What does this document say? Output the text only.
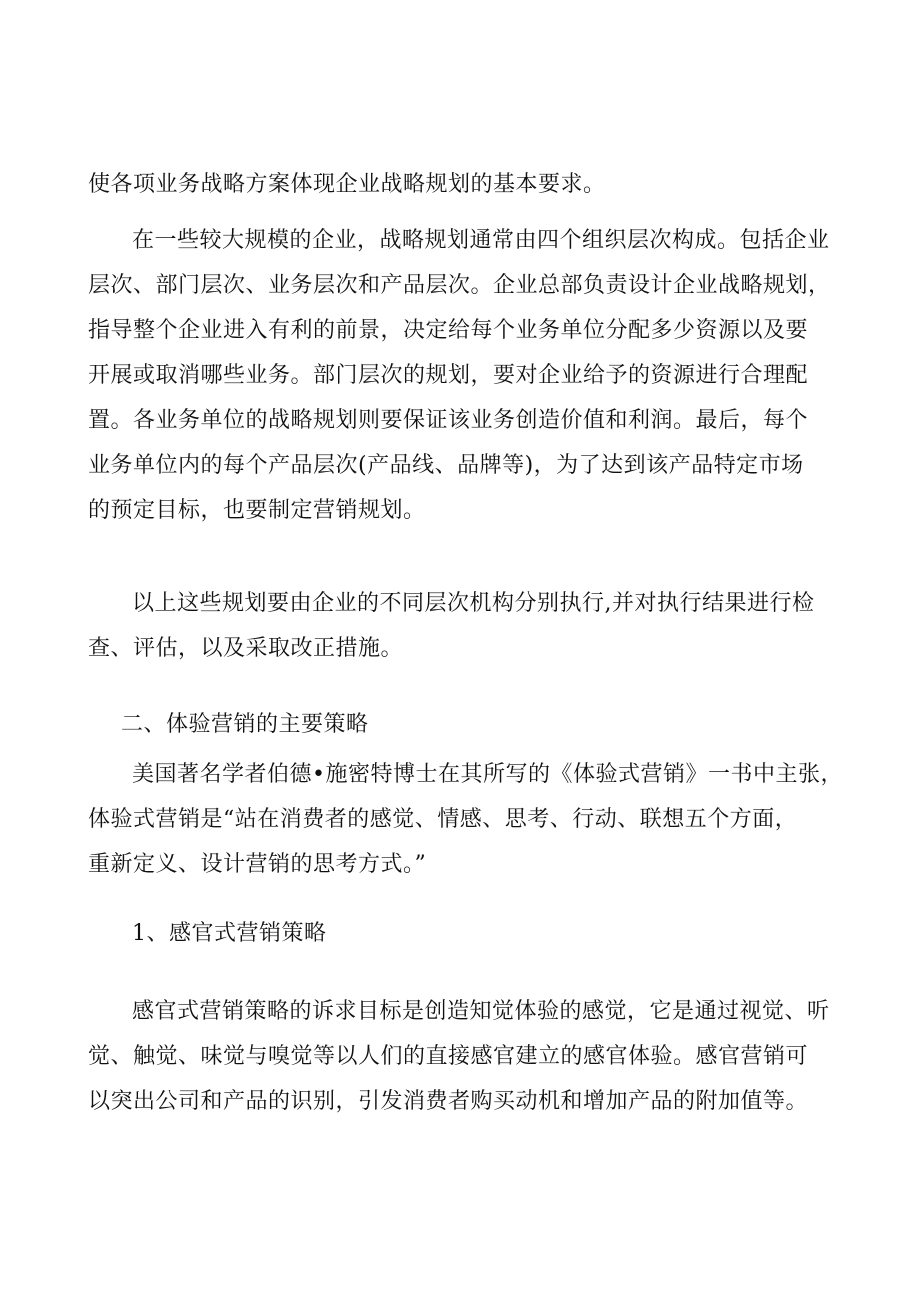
使各项业务战略方案体现企业战略规划的基本要求。

在一些较大规模的企业，战略规划通常由四个组织层次构成。包括企业
层次、部门层次、业务层次和产品层次。企业总部负责设计企业战略规划，
指导整个企业进入有利的前景，决定给每个业务单位分配多少资源以及要
开展或取消哪些业务。部门层次的规划，要对企业给予的资源进行合理配
置。各业务单位的战略规划则要保证该业务创造价值和利润。最后，每个
业务单位内的每个产品层次(产品线、品牌等)，为了达到该产品特定市场
的预定目标，也要制定营销规划。

以上这些规划要由企业的不同层次机构分别执行,并对执行结果进行检
查、评估，以及采取改正措施。

二、体验营销的主要策略

美国著名学者伯德•施密特博士在其所写的《体验式营销》一书中主张，
体验式营销是“站在消费者的感觉、情感、思考、行动、联想五个方面，
重新定义、设计营销的思考方式。”

1、感官式营销策略

感官式营销策略的诉求目标是创造知觉体验的感觉，它是通过视觉、听
觉、触觉、味觉与嗅觉等以人们的直接感官建立的感官体验。感官营销可
以突出公司和产品的识别，引发消费者购买动机和增加产品的附加值等。
